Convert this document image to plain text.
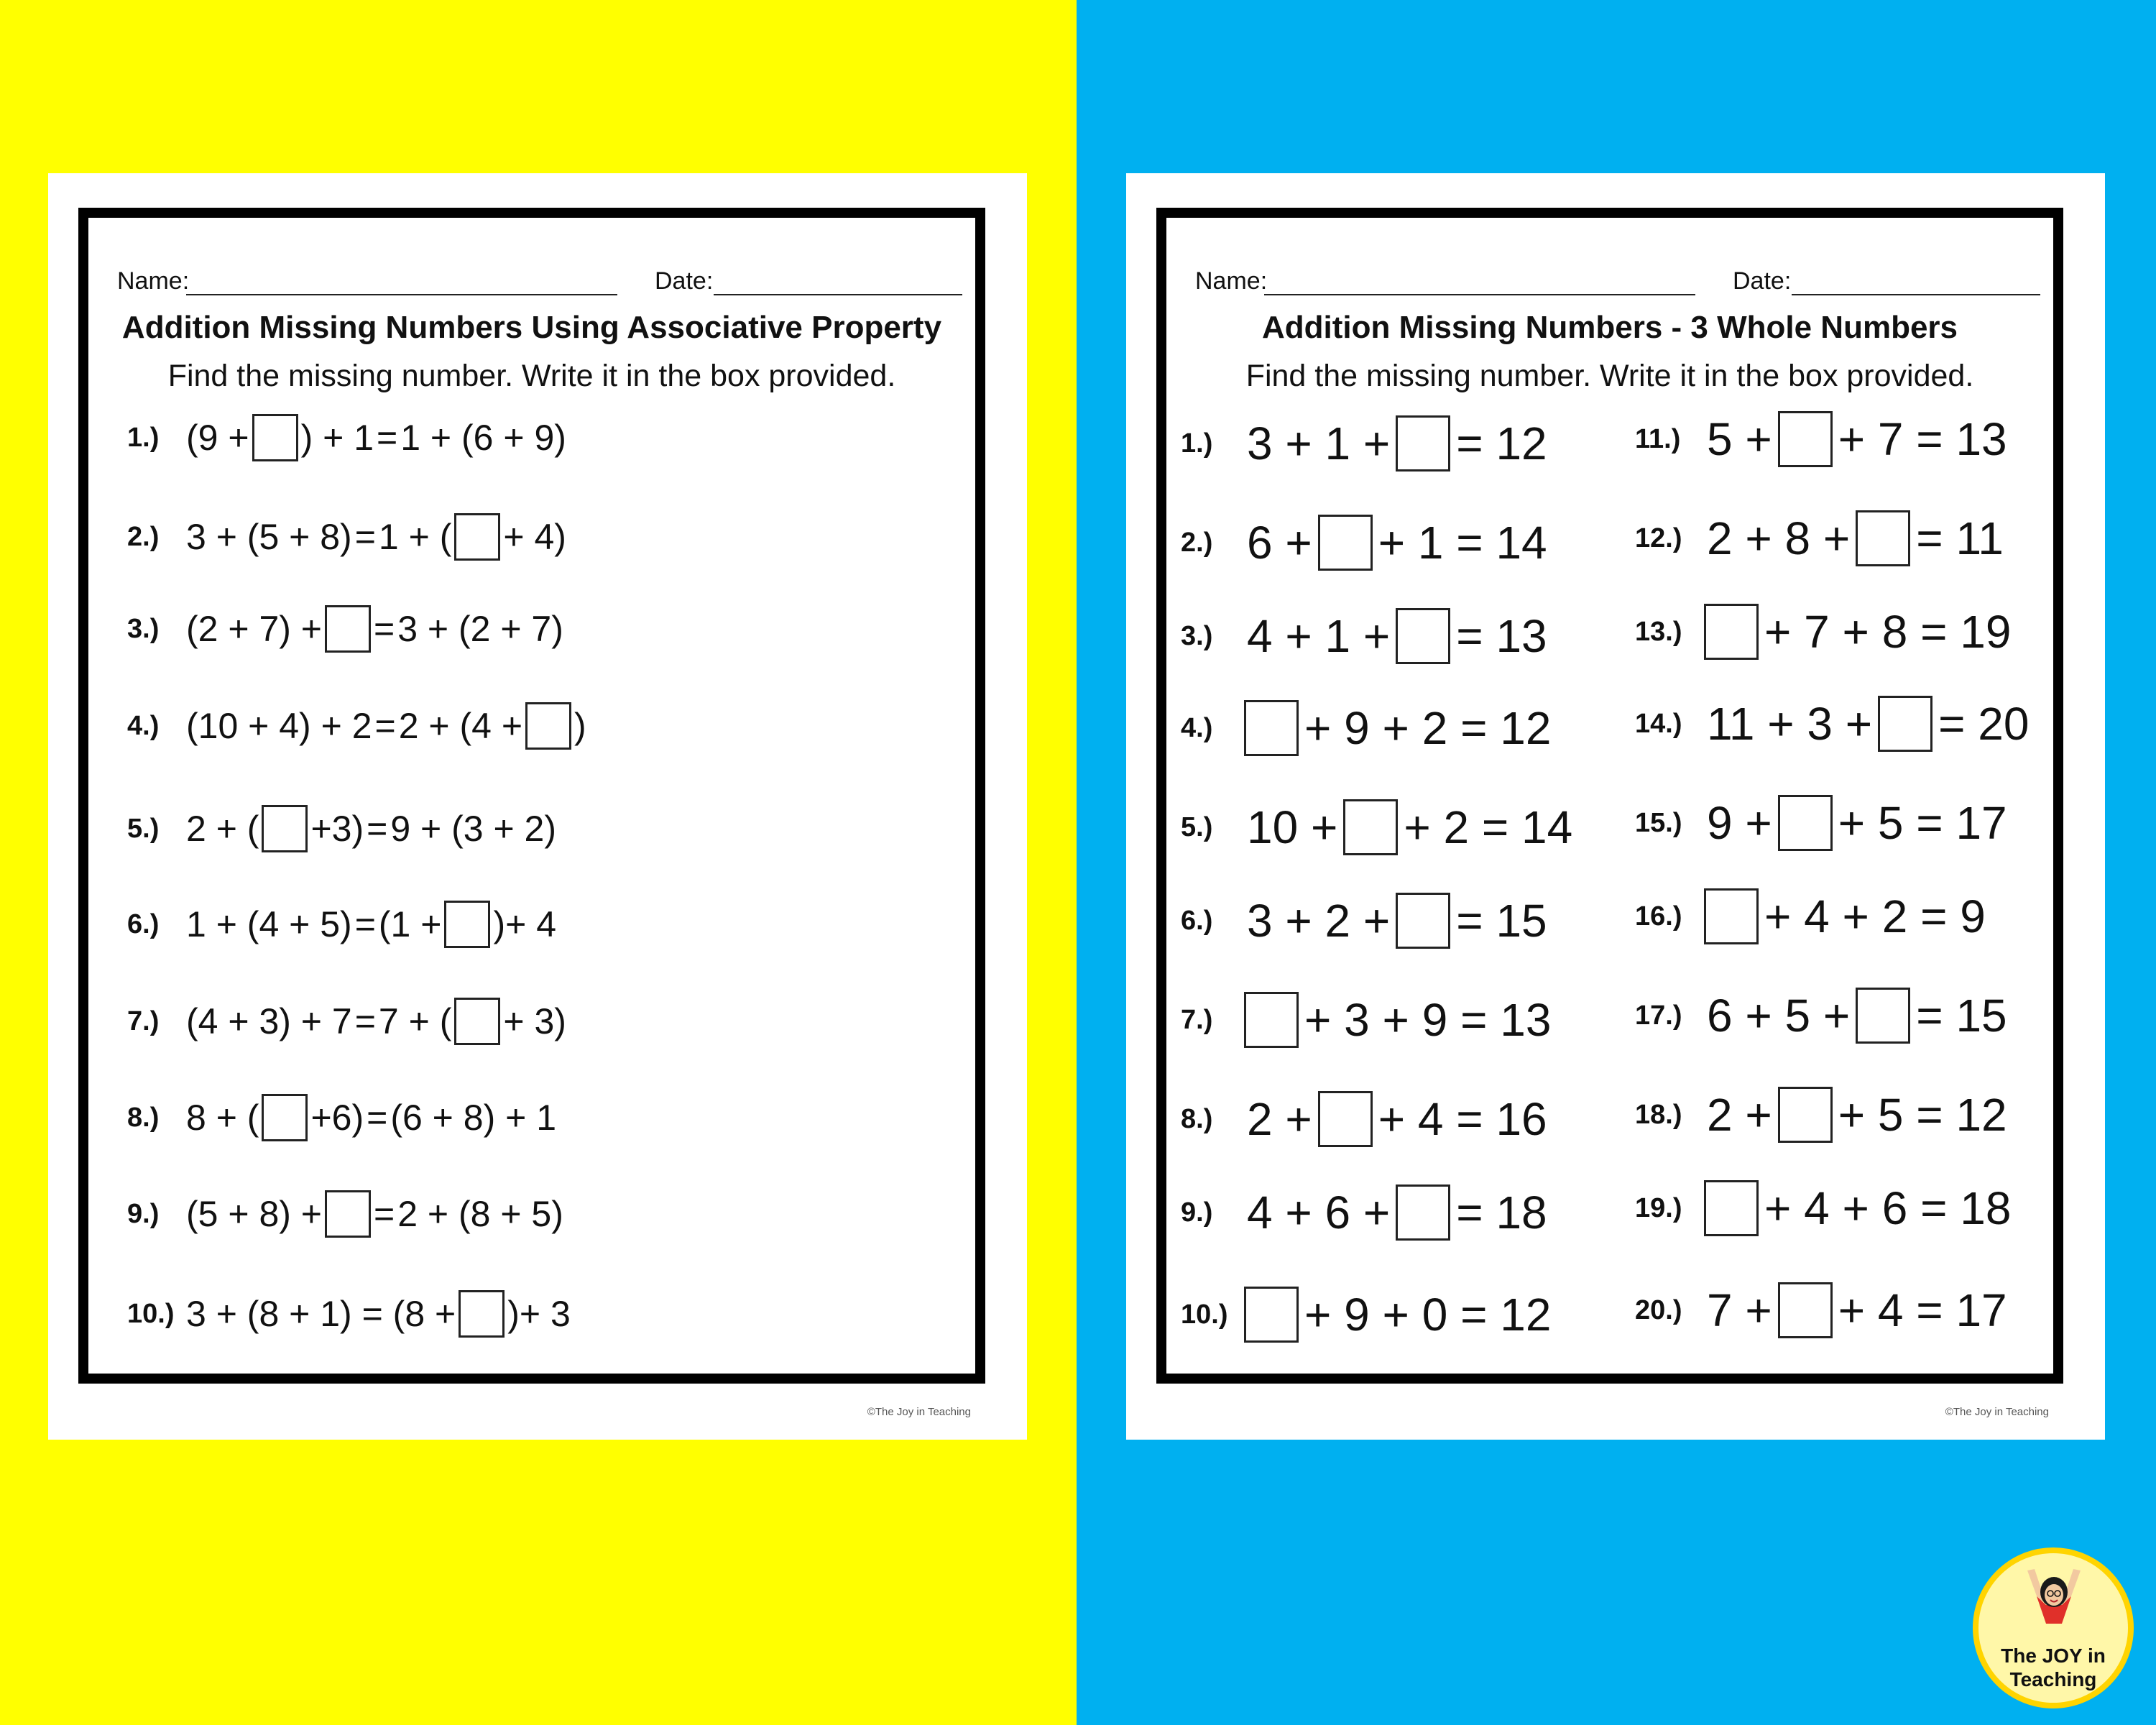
Name:	Date:
Addition Missing Numbers Using Associative Property
Find the missing number. Write it in the box provided.
1.) (9 + ) + 1 = 1 + (6 + 9)
2.) 3 + (5 + 8) = 1 + ( + 4)
3.) (2 + 7) + = 3 + (2 + 7)
4.) (10 + 4) + 2 = 2 + (4 + )
5.) 2 + ( +3) = 9 + (3 + 2)
6.) 1 + (4 + 5) = (1 + )+ 4
7.) (4 + 3) + 7 = 7 + ( + 3)
8.) 8 + ( +6) = (6 + 8) + 1
9.) (5 + 8) + = 2 + (8 + 5)
10.) 3 + (8 + 1) = (8 + )+ 3
©The Joy in Teaching
Name:	Date:
Addition Missing Numbers - 3 Whole Numbers
Find the missing number. Write it in the box provided.
1.) 3 + 1 + = 12
2.) 6 + + 1 = 14
3.) 4 + 1 + = 13
4.)	+ 9 + 2 = 12
5.) 10 + + 2 = 14
6.) 3 + 2 + = 15
7.)	+ 3 + 9 = 13
8.) 2 + + 4 = 16
9.) 4 + 6 + = 18
10.)	+ 9 + 0 = 12
11.) 5 + + 7 = 13
12.) 2 + 8 + = 11
13.)	+ 7 + 8 = 19
14.) 11 + 3 + = 20
15.) 9 + + 5 = 17
16.)	+ 4 + 2 = 9
17.) 6 + 5 + = 15
18.) 2 + + 5 = 12
19.)	+ 4 + 6 = 18
20.) 7 + + 4 = 17
©The Joy in Teaching
The JOY in
Teaching
